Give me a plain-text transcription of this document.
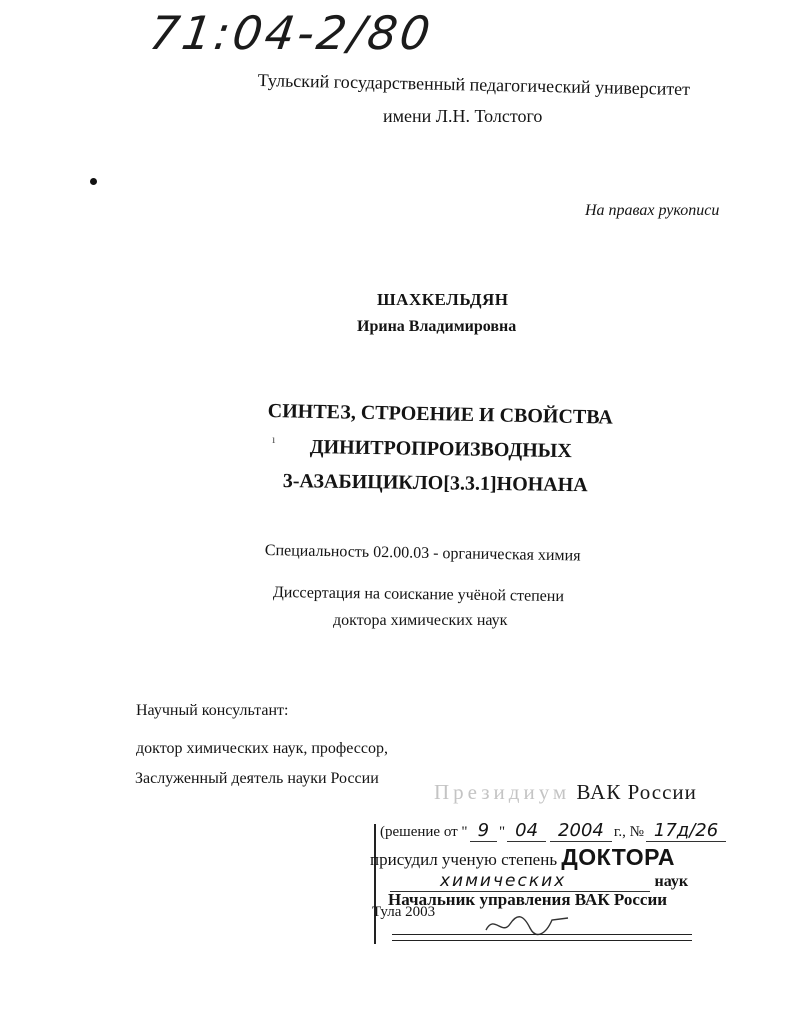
71:04-2/80
Тульский государственный педагогический университет
имени Л.Н. Толстого
На правах рукописи
ШАХКЕЛЬДЯН
Ирина Владимировна
ı
СИНТЕЗ, СТРОЕНИЕ И СВОЙСТВА
ДИНИТРОПРОИЗВОДНЫХ
3-АЗАБИЦИКЛО[3.3.1]НОНАНА
Специальность 02.00.03 - органическая химия
Диссертация на соискание учёной степени
доктора химических наук
Научный консультант:
доктор химических наук, профессор,
Заслуженный деятель науки России
Президиум ВАК России
(решение от " 9 " 04 2004 г., № 17д/26
присудил ученую степень ДОКТОРА
химических	наук
Начальник управления ВАК России
Тула 2003
